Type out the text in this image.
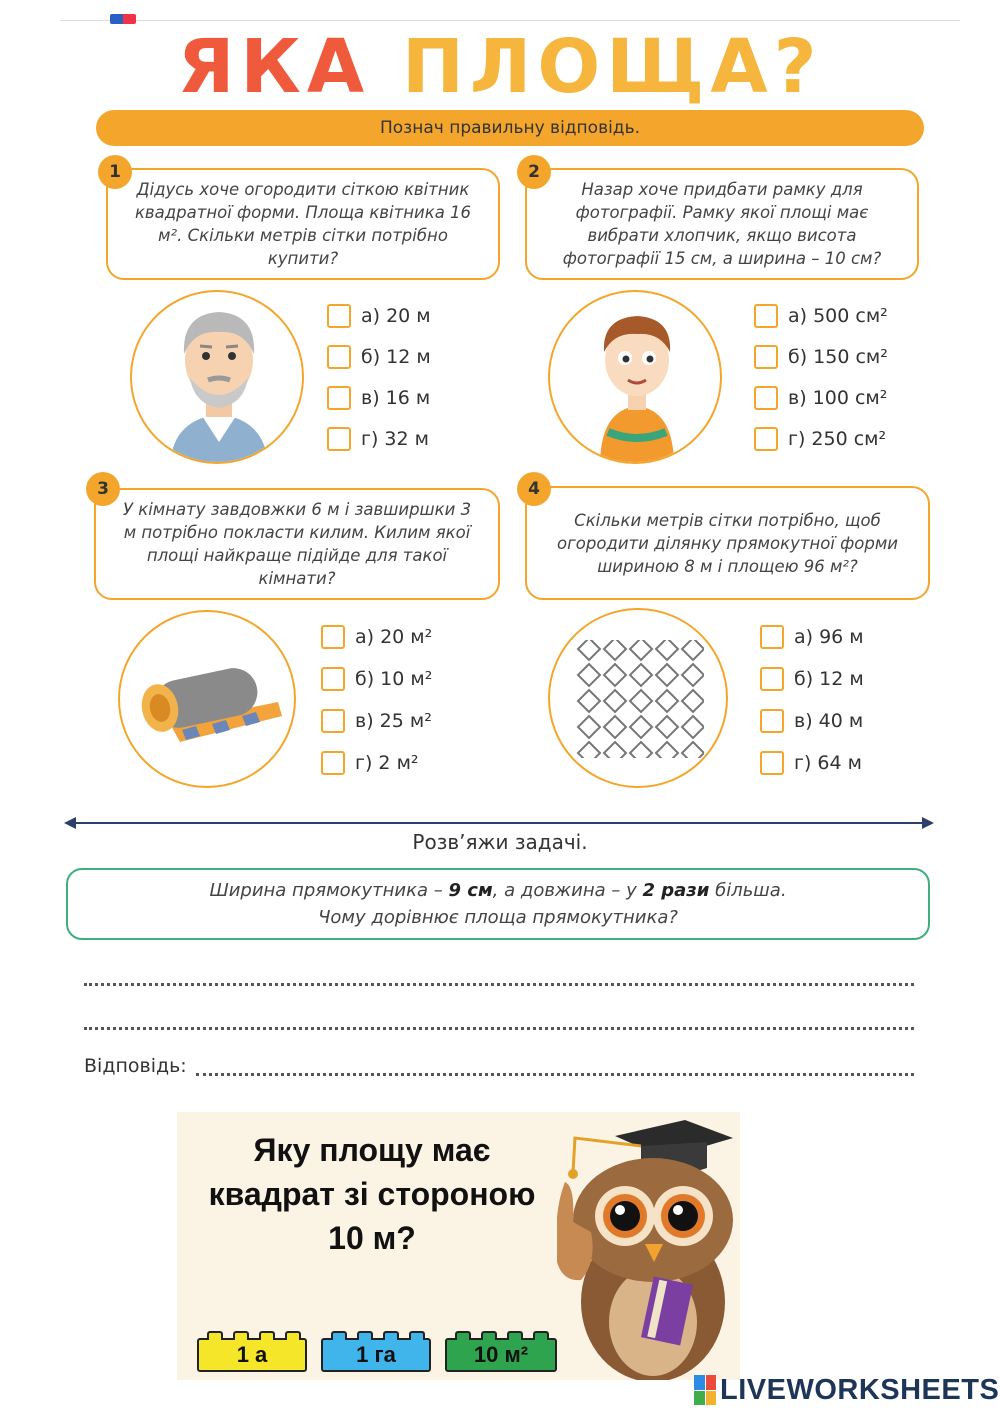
ЯКА ПЛОЩА?
Познач правильну відповідь.
Дідусь хоче огородити сіткою квітник квадратної форми. Площа квітника 16 м². Скільки метрів сітки потрібно купити?
1
а) 20 м
б) 12 м
в) 16 м
г) 32 м
Назар хоче придбати рамку для фотографії. Рамку якої площі має вибрати хлопчик, якщо висота фотографії 15 см, а ширина – 10 см?
2
а) 500 см²
б) 150 см²
в) 100 см²
г) 250 см²
У кімнату завдовжки 6 м і завширшки 3 м потрібно покласти килим. Килим якої площі найкраще підійде для такої кімнати?
3
а) 20 м²
б) 10 м²
в) 25 м²
г) 2 м²
Скільки метрів сітки потрібно, щоб огородити ділянку прямокутної форми шириною 8 м і площею 96 м²?
4
а) 96 м
б) 12 м
в) 40 м
г) 64 м
Розв’яжи задачі.
Ширина прямокутника – 9 см, а довжина – у 2 рази більша.
Чому дорівнює площа прямокутника?
Відповідь:
Яку площу має квадрат зі стороною 10 м?
1 а	1 га	10 м²
LIVEWORKSHEETS
